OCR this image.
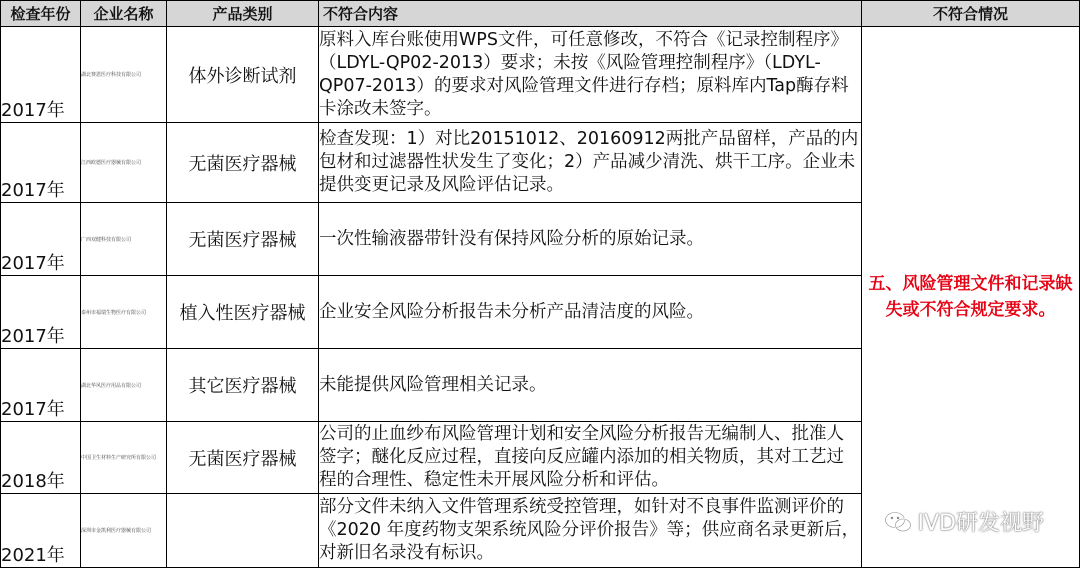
检查年份	企业名称	产品类别	不符合内容	不符合情况
2017年	湖北赛恩医疗科技有限公司	体外诊断试剂	原料入库台账使用WPS文件，可任意修改，不符合《记录控制程序》（LDYL-QP02-2013）要求；未按《风险管理控制程序》（LDYL-QP07-2013）的要求对风险管理文件进行存档；原料库内Tap酶存料卡涂改未签字。	五、风险管理文件和记录缺失或不符合规定要求。
2017年	江西欧德医疗器械有限公司	无菌医疗器械	检查发现：1）对比20151012、20160912两批产品留样，产品的内包材和过滤器性状发生了变化；2）产品减少清洗、烘干工序。企业未提供变更记录及风险评估记录。	
2017年	广西双健科技有限公司	无菌医疗器械	一次性输液器带针没有保持风险分析的原始记录。	
2017年	泰州市福瑞生物医疗有限公司	植入性医疗器械	企业安全风险分析报告未分析产品清洁度的风险。	
2017年	湖北华风医疗用品有限公司	其它医疗器械	未能提供风险管理相关记录。	
2018年	中国卫生材料生产研究所有限公司	无菌医疗器械	公司的止血纱布风险管理计划和安全风险分析报告无编制人、批准人签字；醚化反应过程，直接向反应罐内添加的相关物质，其对工艺过程的合理性、稳定性未开展风险分析和评估。	
2021年	深圳市金凯利医疗器械有限公司		部分文件未纳入文件管理系统受控管理，如针对不良事件监测评价的《2020 年度药物支架系统风险分评价报告》等；供应商名录更新后，对新旧名录没有标识。	
IVD研发视野
